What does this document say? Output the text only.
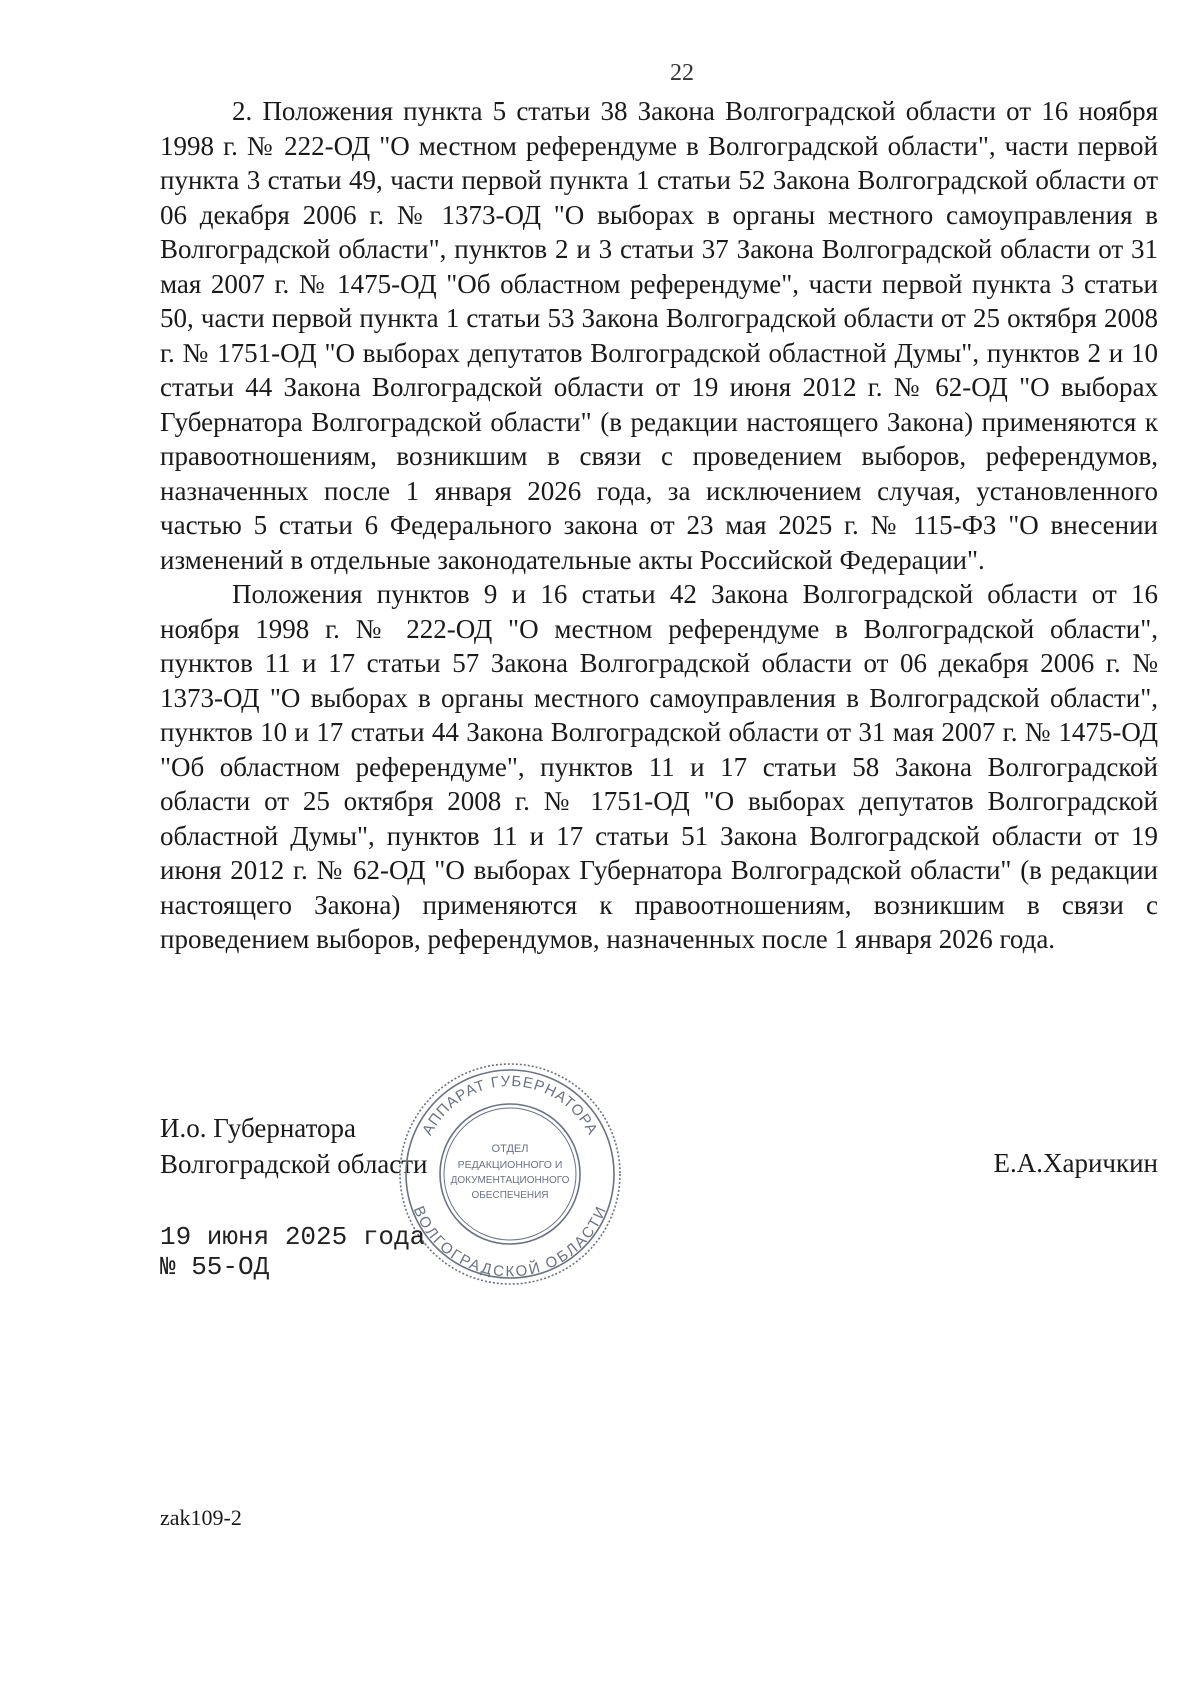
22

2. Положения пункта 5 статьи 38 Закона Волгоградской области от 16 ноября 1998 г. № 222-ОД "О местном референдуме в Волгоградской области", части первой пункта 3 статьи 49, части первой пункта 1 статьи 52 Закона Волгоградской области от 06 декабря 2006 г. № 1373-ОД "О выборах в органы местного самоуправления в Волгоградской области", пунктов 2 и 3 статьи 37 Закона Волгоградской области от 31 мая 2007 г. № 1475-ОД "Об областном референдуме", части первой пункта 3 статьи 50, части первой пункта 1 статьи 53 Закона Волгоградской области от 25 октября 2008 г. № 1751-ОД "О выборах депутатов Волгоградской областной Думы", пунктов 2 и 10 статьи 44 Закона Волгоградской области от 19 июня 2012 г. № 62-ОД "О выборах Губернатора Волгоградской области" (в редакции настоящего Закона) применяются к правоотношениям, возникшим в связи с проведением выборов, референдумов, назначенных после 1 января 2026 года, за исключением случая, установленного частью 5 статьи 6 Федерального закона от 23 мая 2025 г. № 115-ФЗ "О внесении изменений в отдельные законодательные акты Российской Федерации".

Положения пунктов 9 и 16 статьи 42 Закона Волгоградской области от 16 ноября 1998 г. № 222-ОД "О местном референдуме в Волгоградской области", пунктов 11 и 17 статьи 57 Закона Волгоградской области от 06 декабря 2006 г. № 1373-ОД "О выборах в органы местного самоуправления в Волгоградской области", пунктов 10 и 17 статьи 44 Закона Волгоградской области от 31 мая 2007 г. № 1475-ОД "Об областном референдуме", пунктов 11 и 17 статьи 58 Закона Волгоградской области от 25 октября 2008 г. № 1751-ОД "О выборах депутатов Волгоградской областной Думы", пунктов 11 и 17 статьи 51 Закона Волгоградской области от 19 июня 2012 г. № 62-ОД "О выборах Губернатора Волгоградской области" (в редакции настоящего Закона) применяются к правоотношениям, возникшим в связи с проведением выборов, референдумов, назначенных после 1 января 2026 года.

И.о. Губернатора
Волгоградской области	Е.А.Харичкин
АППАРАТ ГУБЕРНАТОРА
ВОЛГОГРАДСКОЙ ОБЛАСТИ
ОТДЕЛ
РЕДАКЦИОННОГО И
ДОКУМЕНТАЦИОННОГО
ОБЕСПЕЧЕНИЯ
19 июня 2025 года
№ 55-ОД
zak109-2
